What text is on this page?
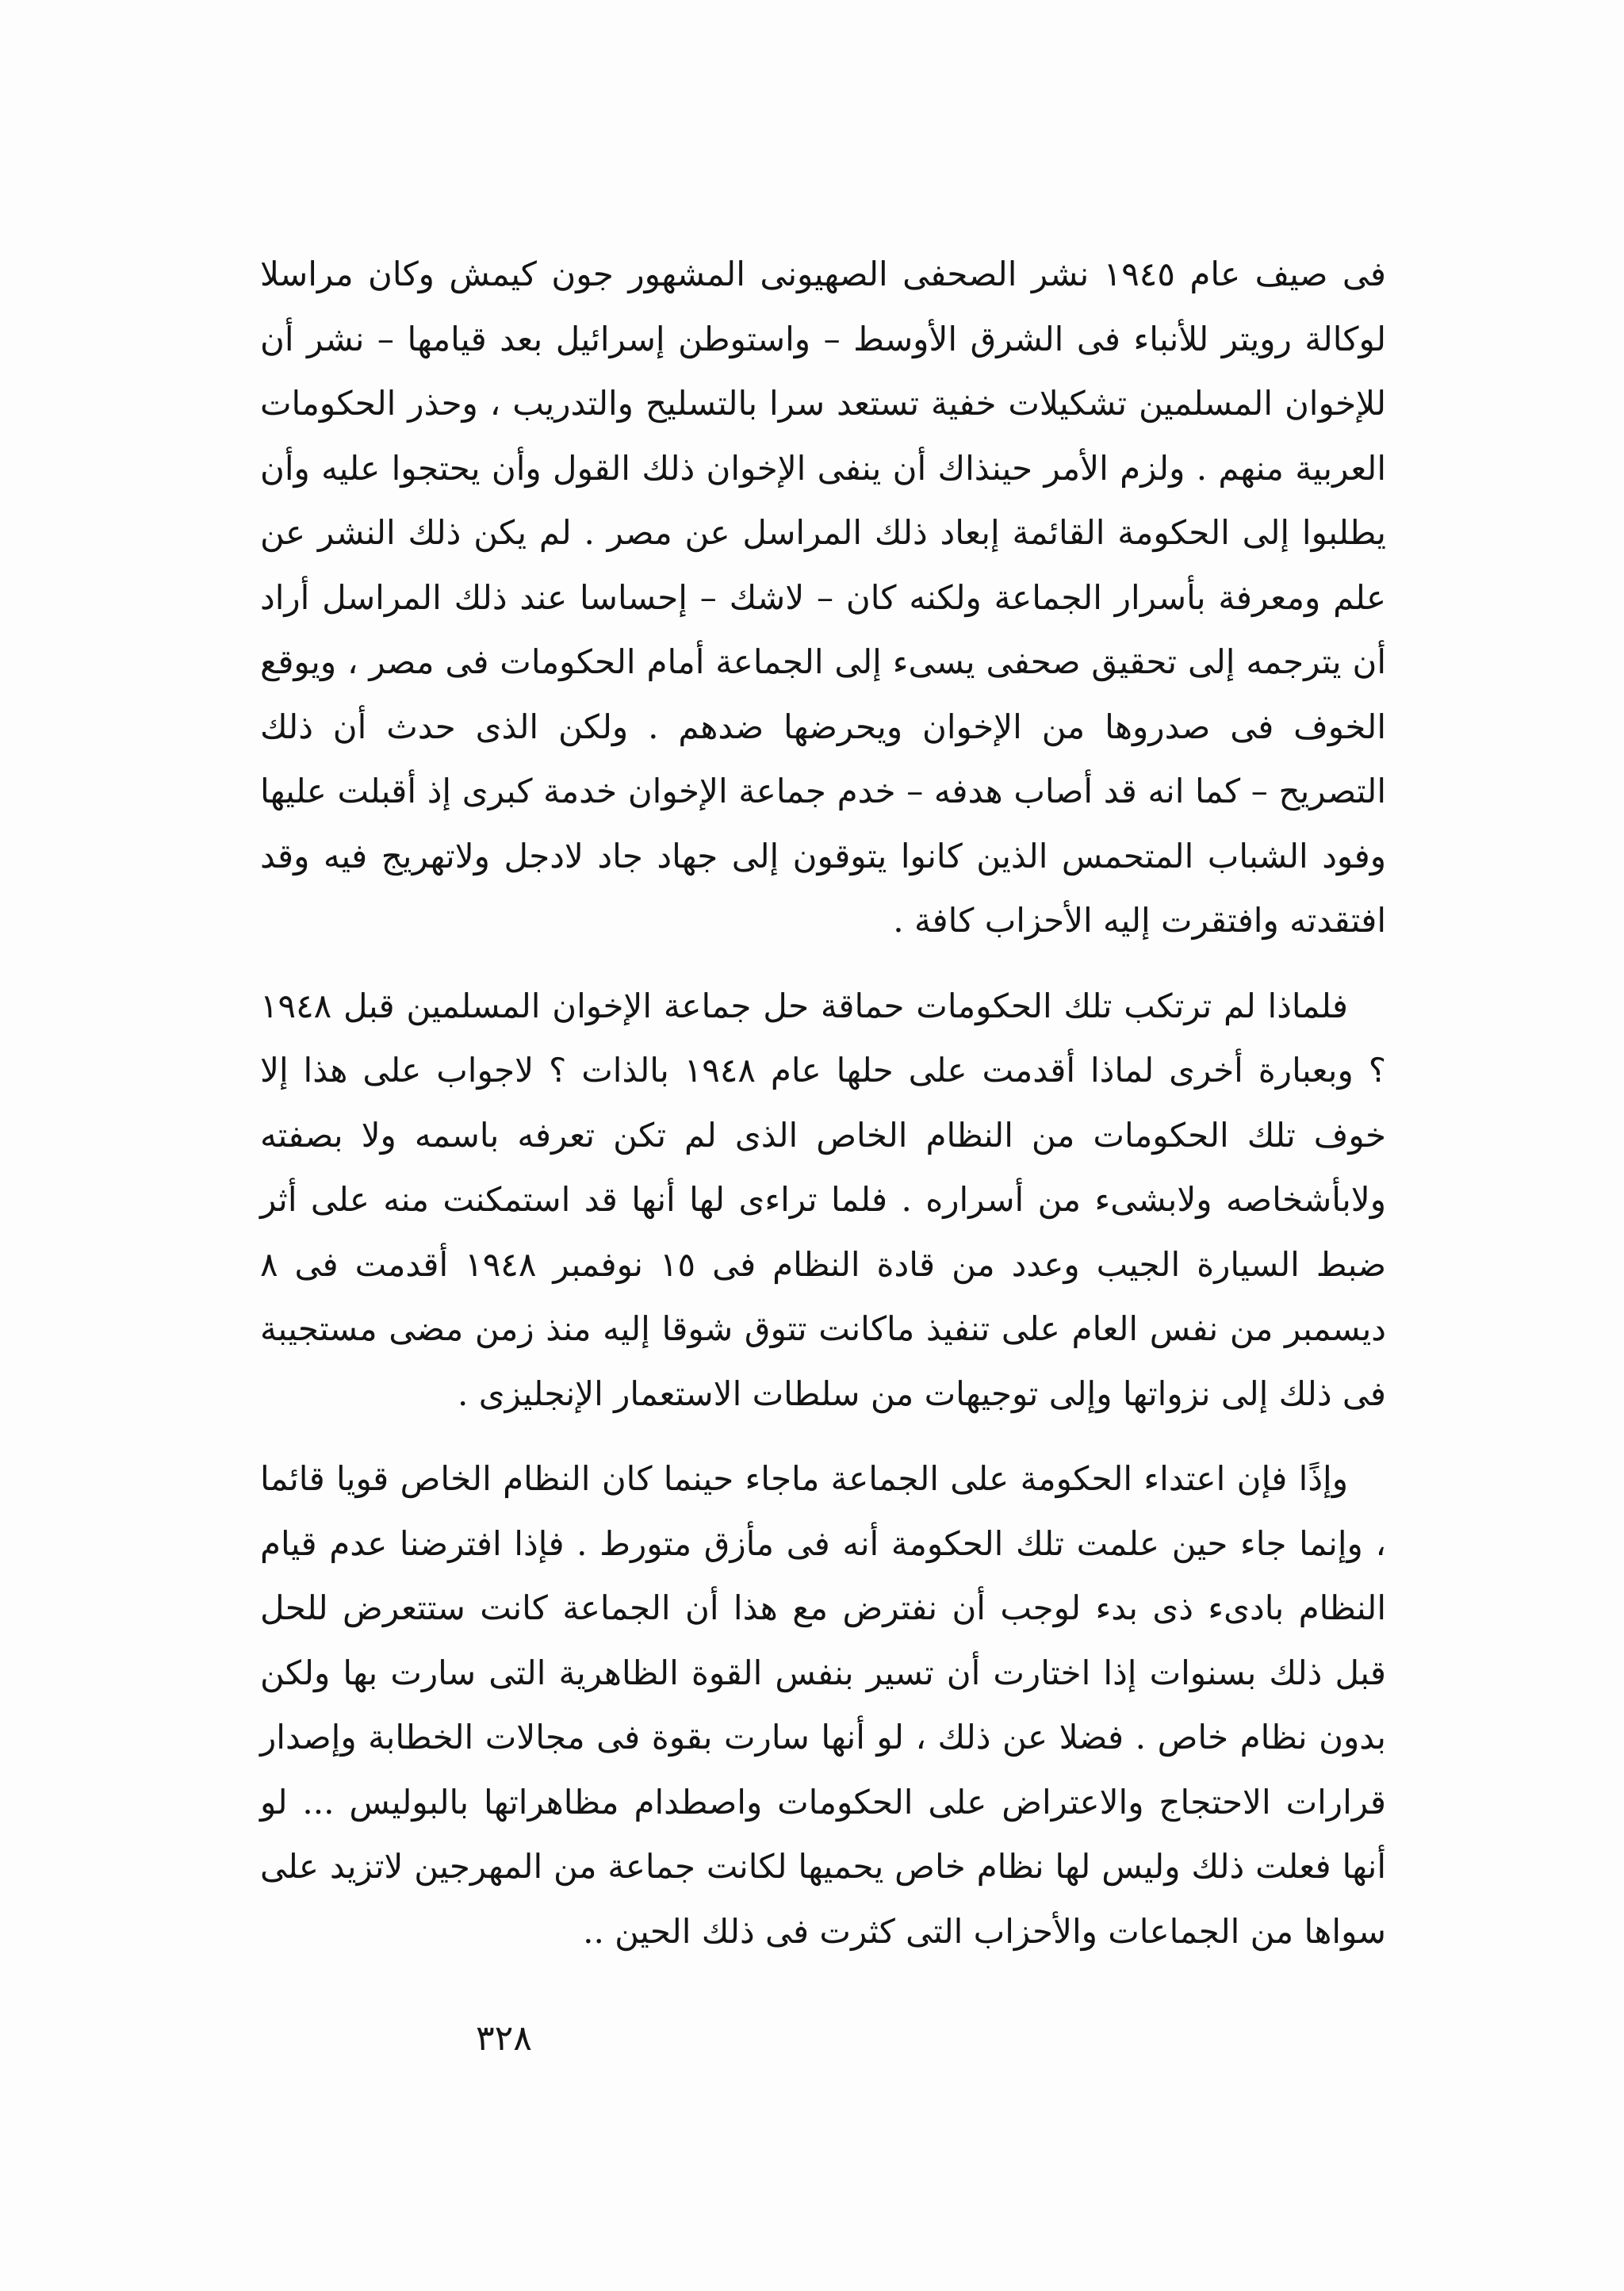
فى صيف عام ١٩٤٥ نشر الصحفى الصهيونى المشهور جون كيمش وكان مراسلا لوكالة رويتر للأنباء فى الشرق الأوسط – واستوطن إسرائيل بعد قيامها – نشر أن للإخوان المسلمين تشكيلات خفية تستعد سرا بالتسليح والتدريب ، وحذر الحكومات العربية منهم . ولزم الأمر حينذاك أن ينفى الإخوان ذلك القول وأن يحتجوا عليه وأن يطلبوا إلى الحكومة القائمة إبعاد ذلك المراسل عن مصر . لم يكن ذلك النشر عن علم ومعرفة بأسرار الجماعة ولكنه كان – لاشك – إحساسا عند ذلك المراسل أراد أن يترجمه إلى تحقيق صحفى يسىء إلى الجماعة أمام الحكومات فى مصر ، ويوقع الخوف فى صدروها من الإخوان ويحرضها ضدهم . ولكن الذى حدث أن ذلك التصريح – كما انه قد أصاب هدفه – خدم جماعة الإخوان خدمة كبرى إذ أقبلت عليها وفود الشباب المتحمس الذين كانوا يتوقون إلى جهاد جاد لادجل ولاتهريج فيه وقد افتقدته وافتقرت إليه الأحزاب كافة .

فلماذا لم ترتكب تلك الحكومات حماقة حل جماعة الإخوان المسلمين قبل ١٩٤٨ ؟ وبعبارة أخرى لماذا أقدمت على حلها عام ١٩٤٨ بالذات ؟ لاجواب على هذا إلا خوف تلك الحكومات من النظام الخاص الذى لم تكن تعرفه باسمه ولا بصفته ولابأشخاصه ولابشىء من أسراره . فلما تراءى لها أنها قد استمكنت منه على أثر ضبط السيارة الجيب وعدد من قادة النظام فى ١٥ نوفمبر ١٩٤٨ أقدمت فى ٨ ديسمبر من نفس العام على تنفيذ ماكانت تتوق شوقا إليه منذ زمن مضى مستجيبة فى ذلك إلى نزواتها وإلى توجيهات من سلطات الاستعمار الإنجليزى .

وإذًا فإن اعتداء الحكومة على الجماعة ماجاء حينما كان النظام الخاص قويا قائما ، وإنما جاء حين علمت تلك الحكومة أنه فى مأزق متورط . فإذا افترضنا عدم قيام النظام بادىء ذى بدء لوجب أن نفترض مع هذا أن الجماعة كانت ستتعرض للحل قبل ذلك بسنوات إذا اختارت أن تسير بنفس القوة الظاهرية التى سارت بها ولكن بدون نظام خاص . فضلا عن ذلك ، لو أنها سارت بقوة فى مجالات الخطابة وإصدار قرارات الاحتجاج والاعتراض على الحكومات واصطدام مظاهراتها بالبوليس ... لو أنها فعلت ذلك وليس لها نظام خاص يحميها لكانت جماعة من المهرجين لاتزيد على سواها من الجماعات والأحزاب التى كثرت فى ذلك الحين ..

٣٢٨
